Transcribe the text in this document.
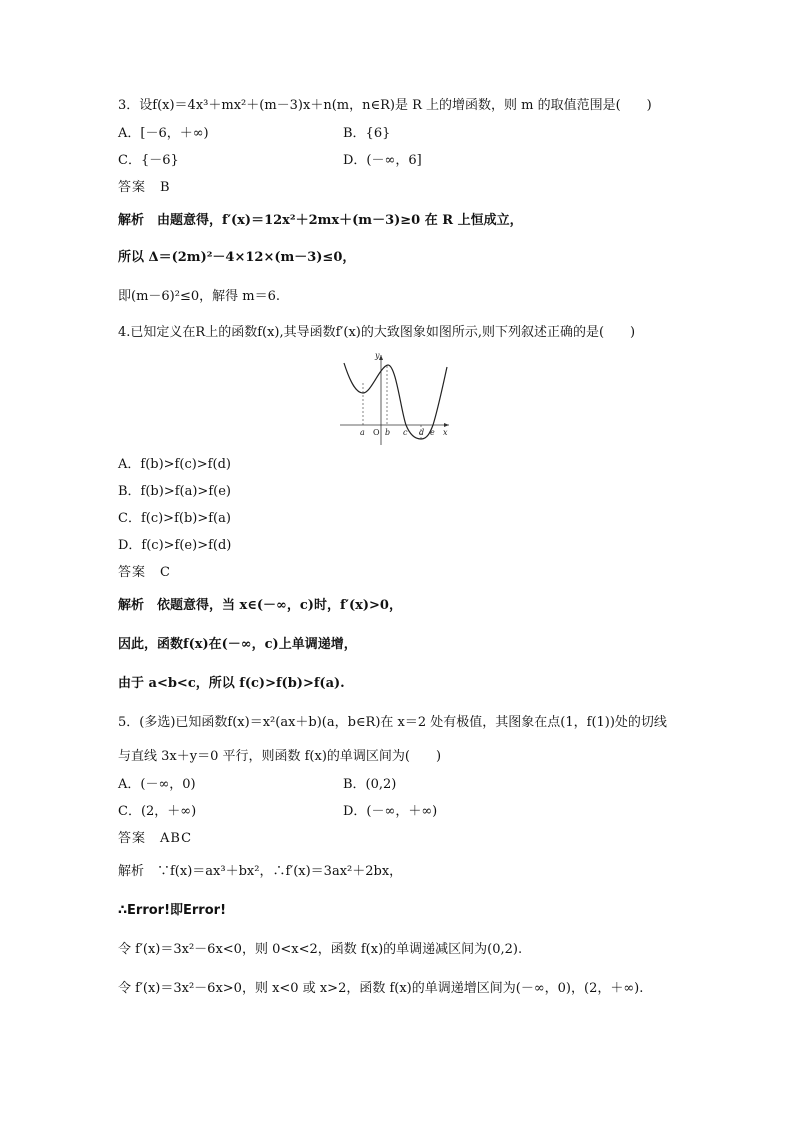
3．设f(x)＝4x³＋mx²＋(m－3)x＋n(m，n∈R)是 R 上的增函数，则 m 的取值范围是(　　)
A．[－6，＋∞)	B．{6}
C．{－6}	D．(－∞，6]
答案　B
解析　由题意得，f′(x)＝12x²＋2mx＋(m－3)≥0 在 R 上恒成立，
所以 Δ＝(2m)²－4×12×(m－3)≤0，
即(m－6)²≤0，解得 m＝6.
4.已知定义在R上的函数f(x),其导函数f′(x)的大致图象如图所示,则下列叙述正确的是(　　)
y
a O b c d e x
A．f(b)>f(c)>f(d)
B．f(b)>f(a)>f(e)
C．f(c)>f(b)>f(a)
D．f(c)>f(e)>f(d)
答案　C
解析　依题意得，当 x∈(－∞，c)时，f′(x)>0，
因此，函数f(x)在(－∞，c)上单调递增，
由于 a<b<c，所以 f(c)>f(b)>f(a).
5．(多选)已知函数f(x)＝x²(ax＋b)(a，b∈R)在 x＝2 处有极值，其图象在点(1，f(1))处的切线
与直线 3x＋y＝0 平行，则函数 f(x)的单调区间为(　　)
A．(－∞，0)	B．(0,2)
C．(2，＋∞)	D．(－∞，＋∞)
答案　ABC
解析　∵f(x)＝ax³＋bx²，∴f′(x)＝3ax²＋2bx，
∴Error!即Error!
令 f′(x)＝3x²－6x<0，则 0<x<2，函数 f(x)的单调递减区间为(0,2).
令 f′(x)＝3x²－6x>0，则 x<0 或 x>2，函数 f(x)的单调递增区间为(－∞，0)，(2，＋∞).
